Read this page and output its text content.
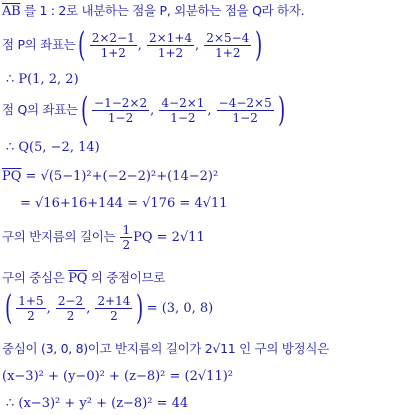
$\overline{AB}$ 를 1 : 2로 내분하는 점을 P, 외분하는 점을 Q라 하자.
점 P의 좌표는 ( $\frac{2\times 2-1}{1+2}$ , $\frac{2\times 1+4}{1+2}$ , $\frac{2\times 5-4}{1+2}$ )
∴ P(1, 2, 2)
점 Q의 좌표는 ( $\frac{-1-2\times 2}{1-2}$ , $\frac{4-2\times 1}{1-2}$ , $\frac{-4-2\times 5}{1-2}$ )
∴ Q(5, −2, 14)
$\overline{PQ} = √(5-1)^2+(-2-2)^2+(14-2)^2$
= √16+16+144 = √176 = 4√11
구의 반지름의 길이는
$\frac{1}{2}$ PQ = 2√11
구의 중심은 $\overline{PQ}$ 의 중점이므로
( $\frac{1+5}{2}$ , $\frac{2-2}{2}$ , $\frac{2+14}{2}$ ) = (3, 0, 8)
중심이 (3, 0, 8)이고 반지름의 길이가 2√11 인 구의 방정식은
(x−3)² + (y−0)² + (z−8)² = (2√11)²
∴ (x−3)² + y² + (z−8)² = 44
